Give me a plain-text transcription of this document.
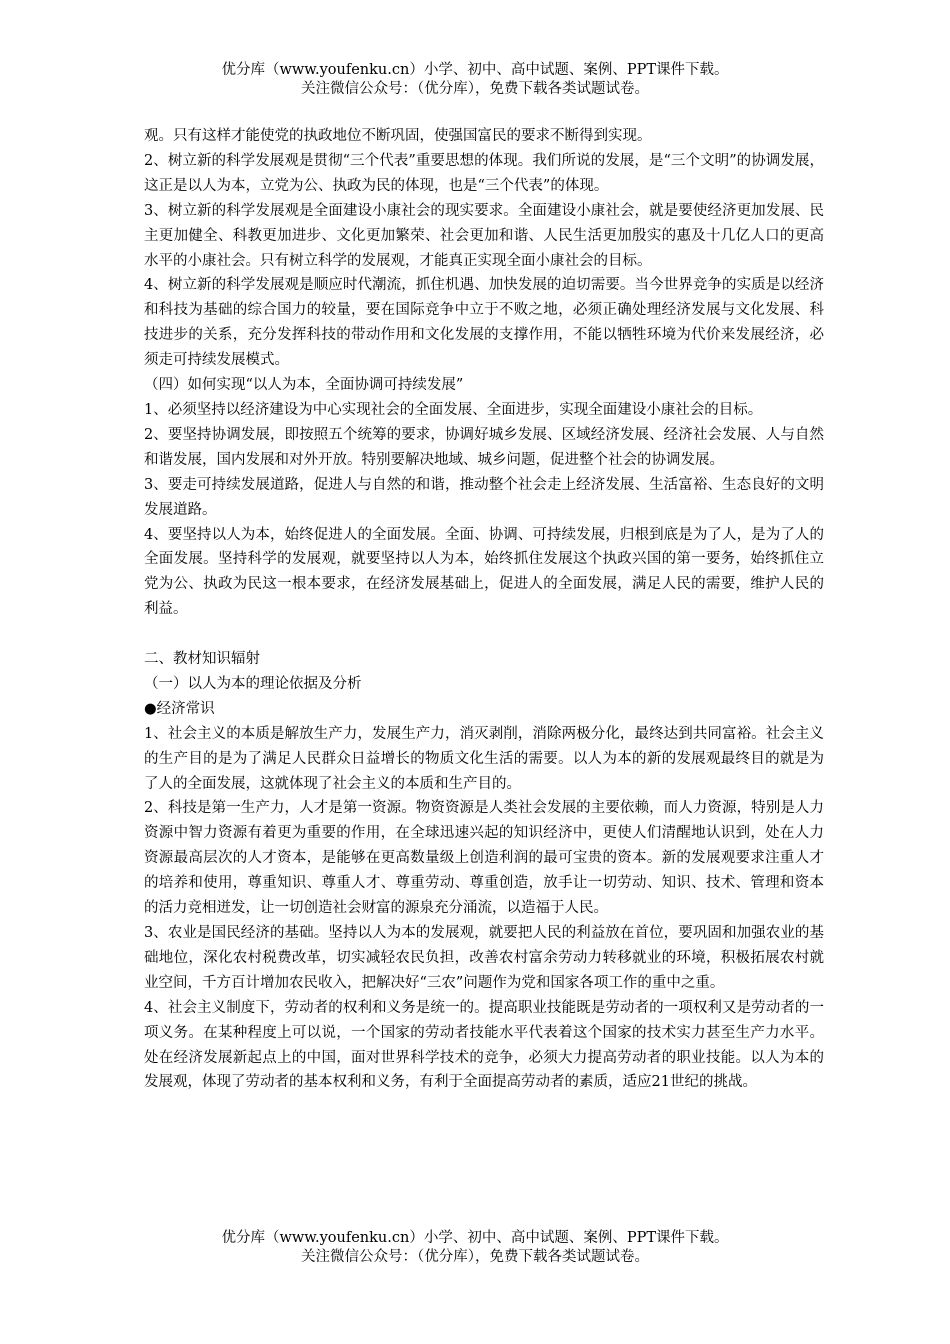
优分库（www.youfenku.cn）小学、初中、高中试题、案例、PPT课件下载。

关注微信公众号：（优分库），免费下载各类试题试卷。

观。只有这样才能使党的执政地位不断巩固，使强国富民的要求不断得到实现。

2、树立新的科学发展观是贯彻“三个代表”重要思想的体现。我们所说的发展，是“三个文明”的协调发展，这正是以人为本，立党为公、执政为民的体现，也是“三个代表”的体现。

3、树立新的科学发展观是全面建设小康社会的现实要求。全面建设小康社会，就是要使经济更加发展、民主更加健全、科教更加进步、文化更加繁荣、社会更加和谐、人民生活更加殷实的惠及十几亿人口的更高水平的小康社会。只有树立科学的发展观，才能真正实现全面小康社会的目标。

4、树立新的科学发展观是顺应时代潮流，抓住机遇、加快发展的迫切需要。当今世界竞争的实质是以经济和科技为基础的综合国力的较量，要在国际竞争中立于不败之地，必须正确处理经济发展与文化发展、科技进步的关系，充分发挥科技的带动作用和文化发展的支撑作用，不能以牺牲环境为代价来发展经济，必须走可持续发展模式。

（四）如何实现“以人为本，全面协调可持续发展”

1、必须坚持以经济建设为中心实现社会的全面发展、全面进步，实现全面建设小康社会的目标。

2、要坚持协调发展，即按照五个统筹的要求，协调好城乡发展、区域经济发展、经济社会发展、人与自然和谐发展，国内发展和对外开放。特别要解决地域、城乡问题，促进整个社会的协调发展。

3、要走可持续发展道路，促进人与自然的和谐，推动整个社会走上经济发展、生活富裕、生态良好的文明发展道路。

4、要坚持以人为本，始终促进人的全面发展。全面、协调、可持续发展，归根到底是为了人，是为了人的全面发展。坚持科学的发展观，就要坚持以人为本，始终抓住发展这个执政兴国的第一要务，始终抓住立党为公、执政为民这一根本要求，在经济发展基础上，促进人的全面发展，满足人民的需要，维护人民的利益。

二、教材知识辐射

（一）以人为本的理论依据及分析

●经济常识

1、社会主义的本质是解放生产力，发展生产力，消灭剥削，消除两极分化，最终达到共同富裕。社会主义的生产目的是为了满足人民群众日益增长的物质文化生活的需要。以人为本的新的发展观最终目的就是为了人的全面发展，这就体现了社会主义的本质和生产目的。

2、科技是第一生产力，人才是第一资源。物资资源是人类社会发展的主要依赖，而人力资源，特别是人力资源中智力资源有着更为重要的作用，在全球迅速兴起的知识经济中，更使人们清醒地认识到，处在人力资源最高层次的人才资本，是能够在更高数量级上创造利润的最可宝贵的资本。新的发展观要求注重人才的培养和使用，尊重知识、尊重人才、尊重劳动、尊重创造，放手让一切劳动、知识、技术、管理和资本的活力竞相迸发，让一切创造社会财富的源泉充分涌流，以造福于人民。

3、农业是国民经济的基础。坚持以人为本的发展观，就要把人民的利益放在首位，要巩固和加强农业的基础地位，深化农村税费改革，切实减轻农民负担，改善农村富余劳动力转移就业的环境，积极拓展农村就业空间，千方百计增加农民收入，把解决好“三农”问题作为党和国家各项工作的重中之重。

4、社会主义制度下，劳动者的权利和义务是统一的。提高职业技能既是劳动者的一项权利又是劳动者的一项义务。在某种程度上可以说，一个国家的劳动者技能水平代表着这个国家的技术实力甚至生产力水平。处在经济发展新起点上的中国，面对世界科学技术的竞争，必须大力提高劳动者的职业技能。以人为本的发展观，体现了劳动者的基本权利和义务，有利于全面提高劳动者的素质，适应21世纪的挑战。

优分库（www.youfenku.cn）小学、初中、高中试题、案例、PPT课件下载。

关注微信公众号：（优分库），免费下载各类试题试卷。
